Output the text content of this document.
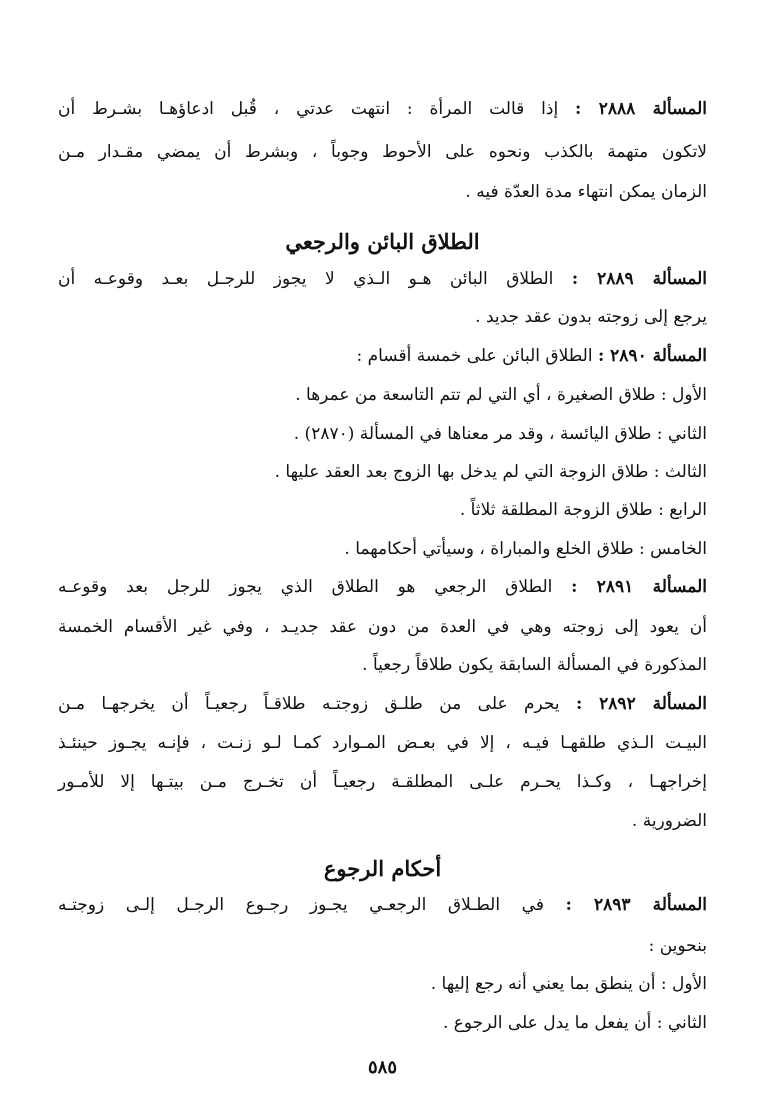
المسألة ٢٨٨٨ : إذا قالت المرأة : انتهت عدتي ، قُبل ادعاؤهـا بشـرط أن
لاتكون متهمة بالكذب ونحوه على الأحوط وجوباً ، وبشرط أن يمضي مقـدار مـن
الزمان يمكن انتهاء مدة العدّة فيه .
الطلاق البائن والرجعي
المسألة ٢٨٨٩ : الطلاق البائن هـو الـذي لا يجوز للرجـل بعـد وقوعـه أن
يرجع إلى زوجته بدون عقد جديد .
المسألة ٢٨٩٠ : الطلاق البائن على خمسة أقسام :
الأول : طلاق الصغيرة ، أي التي لم تتم التاسعة من عمرها .
الثاني : طلاق اليائسة ، وقد مر معناها في المسألة (٢٨٧٠) .
الثالث : طلاق الزوجة التي لم يدخل بها الزوج بعد العقد عليها .
الرابع : طلاق الزوجة المطلقة ثلاثاً .
الخامس : طلاق الخلع والمباراة ، وسيأتي أحكامهما .
المسألة ٢٨٩١ : الطلاق الرجعي هو الطلاق الذي يجوز للرجل بعد وقوعـه
أن يعود إلى زوجته وهي في العدة من دون عقد جديـد ، وفي غير الأقسام الخمسة
المذكورة في المسألة السابقة يكون طلاقاً رجعياً .
المسألة ٢٨٩٢ : يحرم على من طلـق زوجتـه طلاقـاً رجعيـاً أن يخرجهـا مـن
البيـت الـذي طلقهـا فيـه ، إلا في بعـض المـوارد كمـا لـو زنـت ، فإنـه يجـوز حينئـذ
إخراجهـا ، وكـذا يحـرم علـى المطلقـة رجعيـاً أن تخـرج مـن بيتـها إلا للأمـور
الضرورية .
أحكام الرجوع
المسألة ٢٨٩٣ : في الطـلاق الرجعـي يجـوز رجـوع الرجـل إلـى زوجتـه
بنحوين :
الأول : أن ينطق بما يعني أنه رجع إليها .
الثاني : أن يفعل ما يدل على الرجوع .
٥٨٥
